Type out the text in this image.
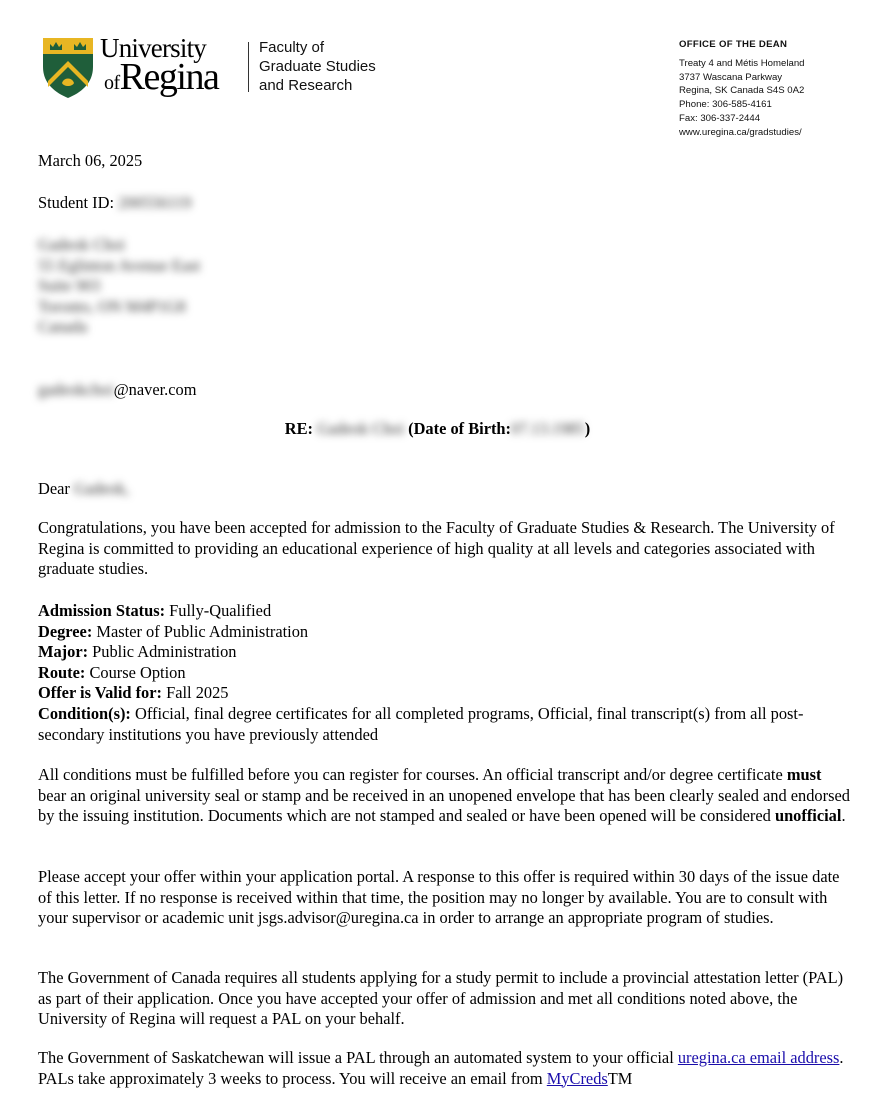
University
ofRegina
Faculty of
Graduate Studies
and Research
OFFICE OF THE DEAN
Treaty 4 and Métis Homeland
3737 Wascana Parkway
Regina, SK Canada S4S 0A2
Phone: 306-585-4161
Fax: 306-337-2444
www.uregina.ca/gradstudies/
March 06, 2025
Student ID: 200556119
Gadeok Choi
55 Eglinton Avenue East
Suite 903
Toronto, ON M4P1G8
Canada
gadeokchoi@naver.com
RE: Gadeok Choi (Date of Birth:07.13.1985)
Dear Gadeok,

Congratulations, you have been accepted for admission to the Faculty of Graduate Studies & Research. The University of Regina is committed to providing an educational experience of high quality at all levels and categories associated with graduate studies.

Admission Status: Fully-Qualified
Degree: Master of Public Administration
Major: Public Administration
Route: Course Option
Offer is Valid for: Fall 2025
Condition(s): Official, final degree certificates for all completed programs, Official, final transcript(s) from all post-secondary institutions you have previously attended

All conditions must be fulfilled before you can register for courses. An official transcript and/or degree certificate must bear an original university seal or stamp and be received in an unopened envelope that has been clearly sealed and endorsed by the issuing institution. Documents which are not stamped and sealed or have been opened will be considered unofficial.

Please accept your offer within your application portal. A response to this offer is required within 30 days of the issue date of this letter. If no response is received within that time, the position may no longer by available. You are to consult with your supervisor or academic unit jsgs.advisor@uregina.ca in order to arrange an appropriate program of studies.

The Government of Canada requires all students applying for a study permit to include a provincial attestation letter (PAL) as part of their application. Once you have accepted your offer of admission and met all conditions noted above, the University of Regina will request a PAL on your behalf.

The Government of Saskatchewan will issue a PAL through an automated system to your official uregina.ca email address. PALs take approximately 3 weeks to process. You will receive an email from MyCredsTM
